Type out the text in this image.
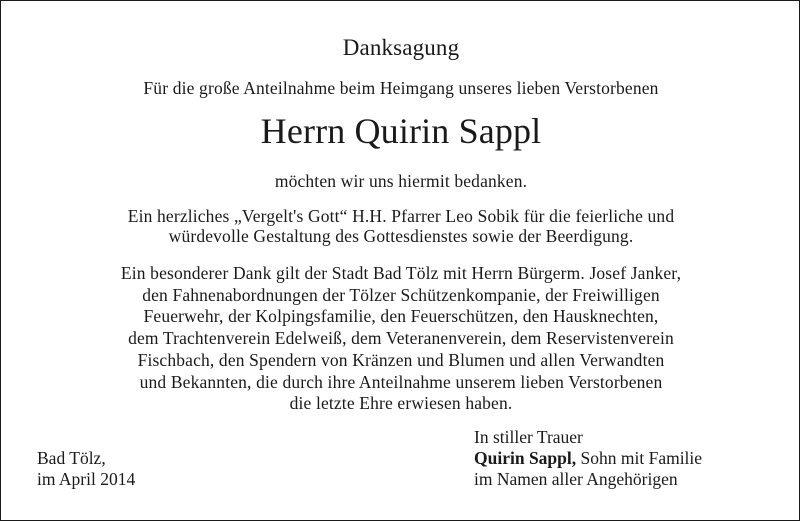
Danksagung
Für die große Anteilnahme beim Heimgang unseres lieben Verstorbenen
Herrn Quirin Sappl
möchten wir uns hiermit bedanken.
Ein herzliches „Vergelt's Gott“ H.H. Pfarrer Leo Sobik für die feierliche und
würdevolle Gestaltung des Gottesdienstes sowie der Beerdigung.
Ein besonderer Dank gilt der Stadt Bad Tölz mit Herrn Bürgerm. Josef Janker,
den Fahnenabordnungen der Tölzer Schützenkompanie, der Freiwilligen
Feuerwehr, der Kolpingsfamilie, den Feuerschützen, den Hausknechten,
dem Trachtenverein Edelweiß, dem Veteranenverein, dem Reservistenverein
Fischbach, den Spendern von Kränzen und Blumen und allen Verwandten
und Bekannten, die durch ihre Anteilnahme unserem lieben Verstorbenen
die letzte Ehre erwiesen haben.
Bad Tölz,
im April 2014
In stiller Trauer
Quirin Sappl, Sohn mit Familie
im Namen aller Angehörigen
